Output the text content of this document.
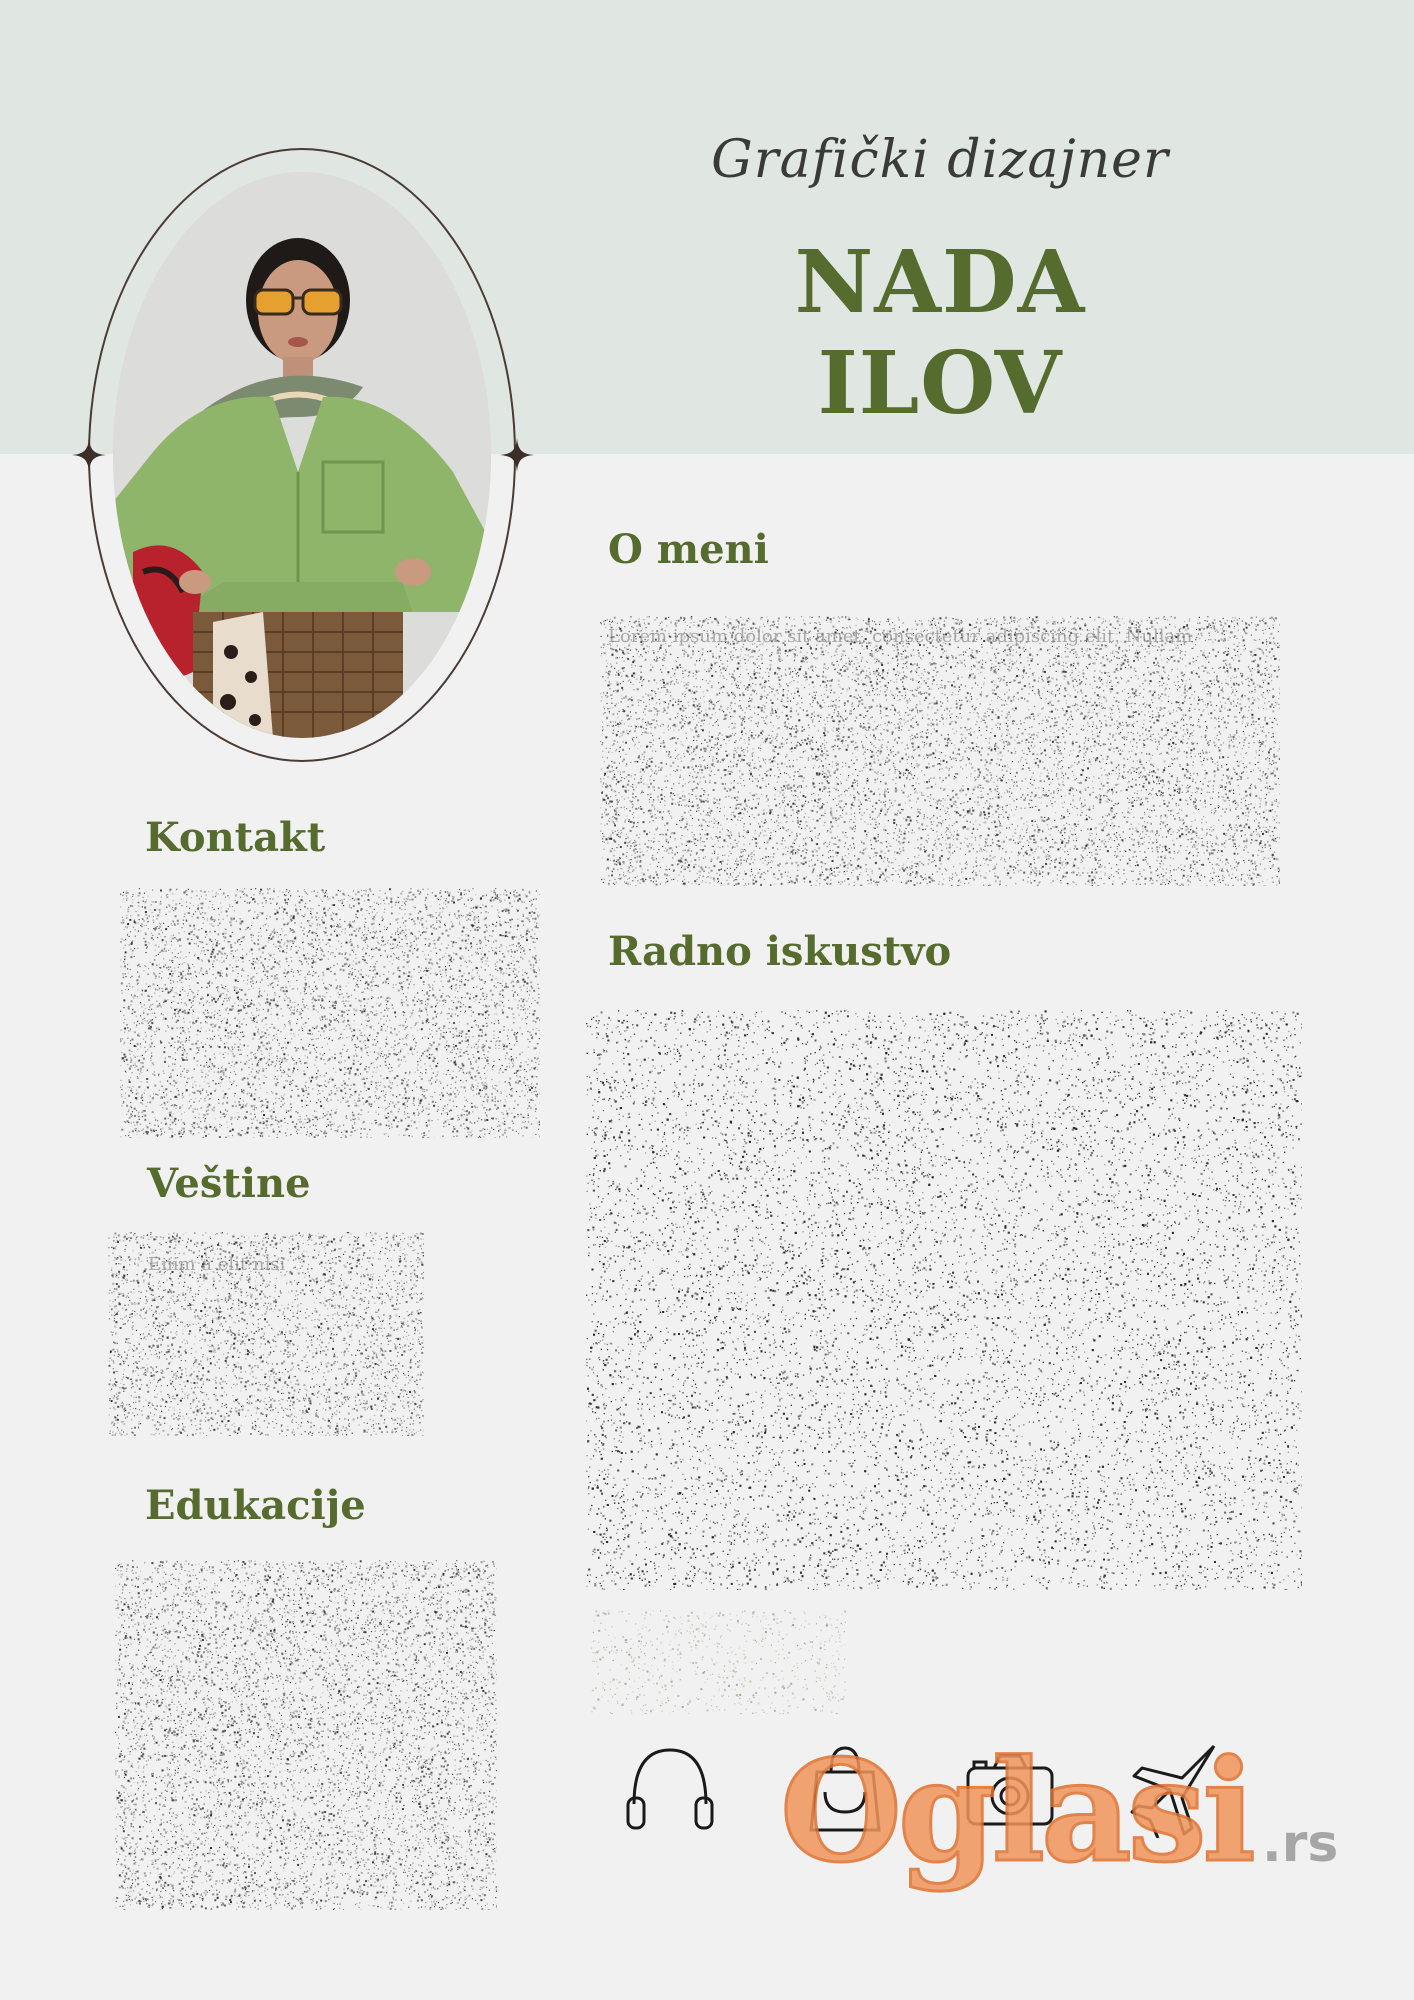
Grafički dizajner
NADA ILOV
O meni
Kontakt
Veštine
Edukacije
Radno iskustvo
Lorem ipsum dolor sit amet, consectetur adipiscing elit. Nullam
Enim a elit nisi
Oglasi .rs
